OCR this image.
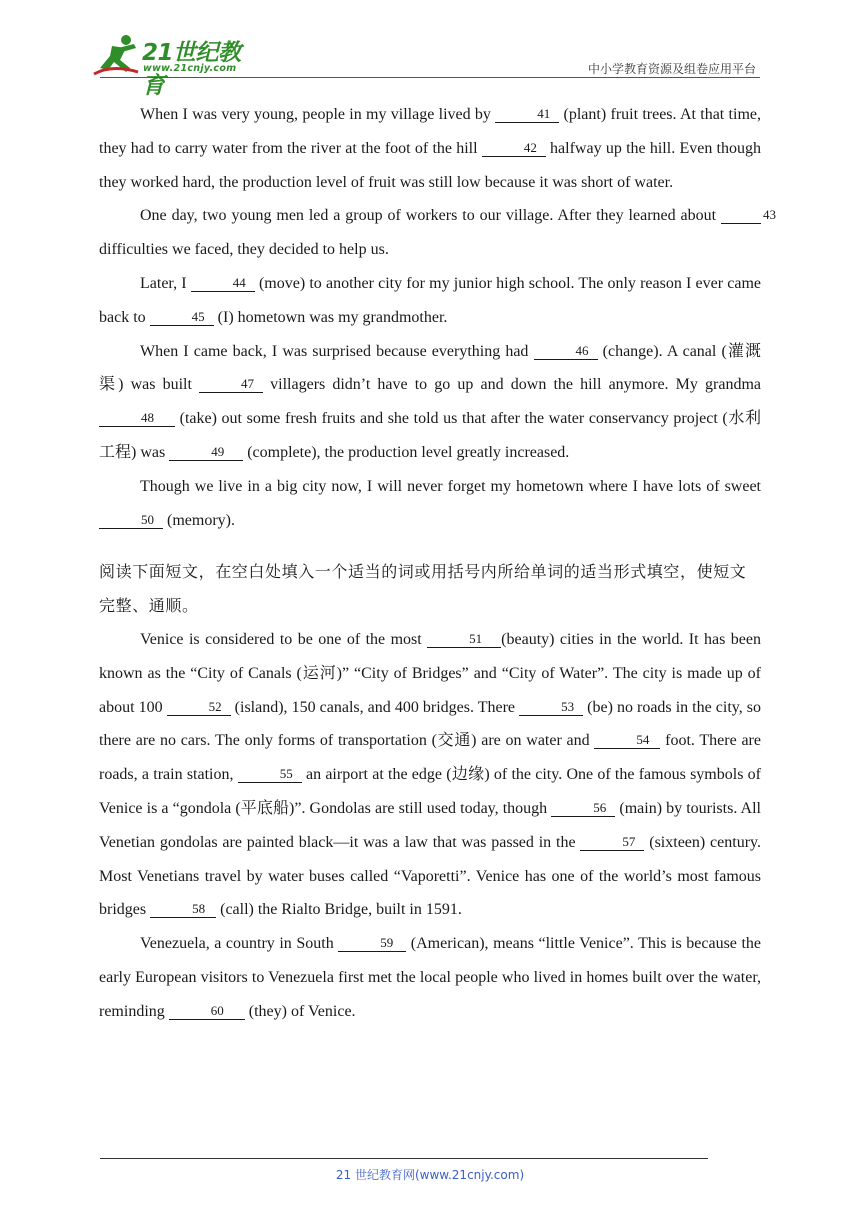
21世纪教育
www.21cnjy.com	中小学教育资源及组卷应用平台

When I was very young, people in my village lived by	41 (plant) fruit trees. At that time, they had to carry water from the river at the foot of the hill	42 halfway up the hill. Even though they worked hard, the production level of fruit was still low because it was short of water.

One day, two young men led a group of workers to our village. After they learned about	43 difficulties we faced, they decided to help us.

Later, I	44 (move) to another city for my junior high school. The only reason I ever came back to	45 (I) hometown was my grandmother.

When I came back, I was surprised because everything had	46 (change). A canal (灌溉渠) was built	47 villagers didn’t have to go up and down the hill anymore. My grandma 48 (take) out some fresh fruits and she told us that after the water conservancy project (水利工程) was	49 (complete), the production level greatly increased.

Though we live in a big city now, I will never forget my hometown where I have lots of sweet 50 (memory).

阅读下面短文，在空白处填入一个适当的词或用括号内所给单词的适当形式填空，使短文完整、通顺。

Venice is considered to be one of the most	51 (beauty) cities in the world. It has been known as the “City of Canals (运河)” “City of Bridges” and “City of Water”. The city is made up of about 100	52 (island), 150 canals, and 400 bridges. There	53 (be) no roads in the city, so there are no cars. The only forms of transportation (交通) are on water and	54 foot. There are roads, a train station,	55 an airport at the edge (边缘) of the city. One of the famous symbols of Venice is a “gondola (平底船)”. Gondolas are still used today, though	56 (main) by tourists. All Venetian gondolas are painted black—it was a law that was passed in the	57 (sixteen) century. Most Venetians travel by water buses called “Vaporetti”. Venice has one of the world’s most famous bridges	58 (call) the Rialto Bridge, built in 1591.

Venezuela, a country in South	59 (American), means “little Venice”. This is because the early European visitors to Venezuela first met the local people who lived in homes built over the water, reminding	60 (they) of Venice.

21 世纪教育网(www.21cnjy.com)
